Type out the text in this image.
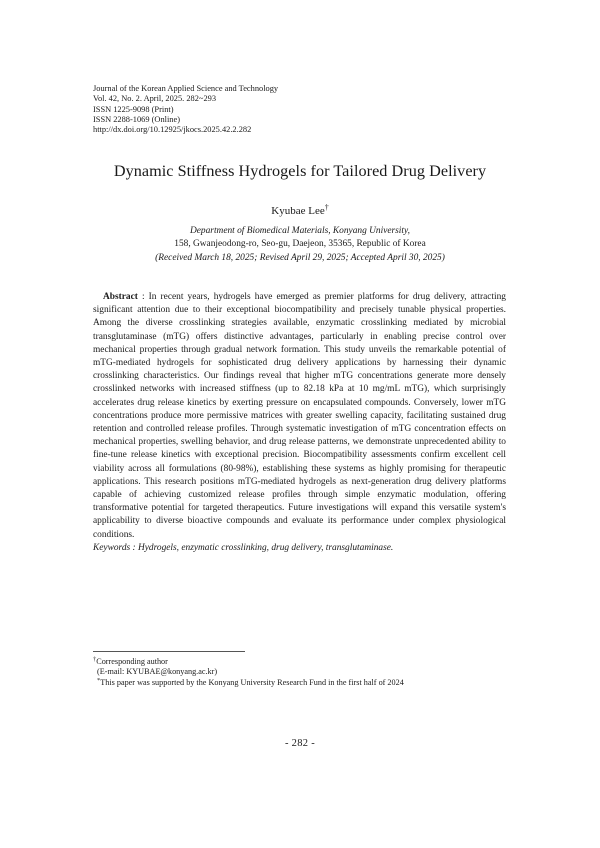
Journal of the Korean Applied Science and Technology
Vol. 42, No. 2. April, 2025. 282~293
ISSN 1225-9098 (Print)
ISSN 2288-1069 (Online)
http://dx.doi.org/10.12925/jkocs.2025.42.2.282
Dynamic Stiffness Hydrogels for Tailored Drug Delivery
Kyubae Lee†
Department of Biomedical Materials, Konyang University,
158, Gwanjeodong-ro, Seo-gu, Daejeon, 35365, Republic of Korea
(Received March 18, 2025; Revised April 29, 2025; Accepted April 30, 2025)

Abstract : In recent years, hydrogels have emerged as premier platforms for drug delivery, attracting significant attention due to their exceptional biocompatibility and precisely tunable physical properties. Among the diverse crosslinking strategies available, enzymatic crosslinking mediated by microbial transglutaminase (mTG) offers distinctive advantages, particularly in enabling precise control over mechanical properties through gradual network formation. This study unveils the remarkable potential of mTG-mediated hydrogels for sophisticated drug delivery applications by harnessing their dynamic crosslinking characteristics. Our findings reveal that higher mTG concentrations generate more densely crosslinked networks with increased stiffness (up to 82.18 kPa at 10 mg/mL mTG), which surprisingly accelerates drug release kinetics by exerting pressure on encapsulated compounds. Conversely, lower mTG concentrations produce more permissive matrices with greater swelling capacity, facilitating sustained drug retention and controlled release profiles. Through systematic investigation of mTG concentration effects on mechanical properties, swelling behavior, and drug release patterns, we demonstrate unprecedented ability to fine-tune release kinetics with exceptional precision. Biocompatibility assessments confirm excellent cell viability across all formulations (80-98%), establishing these systems as highly promising for therapeutic applications. This research positions mTG-mediated hydrogels as next-generation drug delivery platforms capable of achieving customized release profiles through simple enzymatic modulation, offering transformative potential for targeted therapeutics. Future investigations will expand this versatile system's applicability to diverse bioactive compounds and evaluate its performance under complex physiological conditions.

Keywords : Hydrogels, enzymatic crosslinking, drug delivery, transglutaminase.
†Corresponding author
(E-mail: KYUBAE@konyang.ac.kr)
*This paper was supported by the Konyang University Research Fund in the first half of 2024
- 282 -
